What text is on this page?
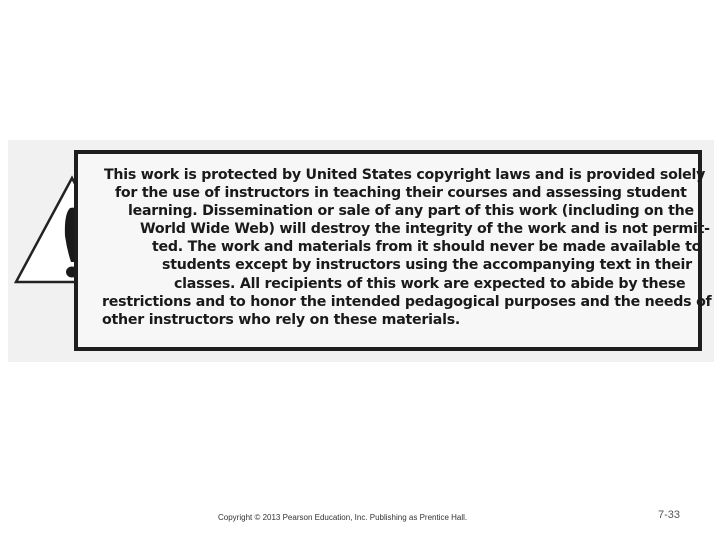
This work is protected by United States copyright laws and is provided solely
for the use of instructors in teaching their courses and assessing student
learning. Dissemination or sale of any part of this work (including on the
World Wide Web) will destroy the integrity of the work and is not permit-
ted. The work and materials from it should never be made available to
students except by instructors using the accompanying text in their
classes. All recipients of this work are expected to abide by these
restrictions and to honor the intended pedagogical purposes and the needs of
other instructors who rely on these materials.

Copyright © 2013 Pearson Education, Inc. Publishing as Prentice Hall.	7-33
